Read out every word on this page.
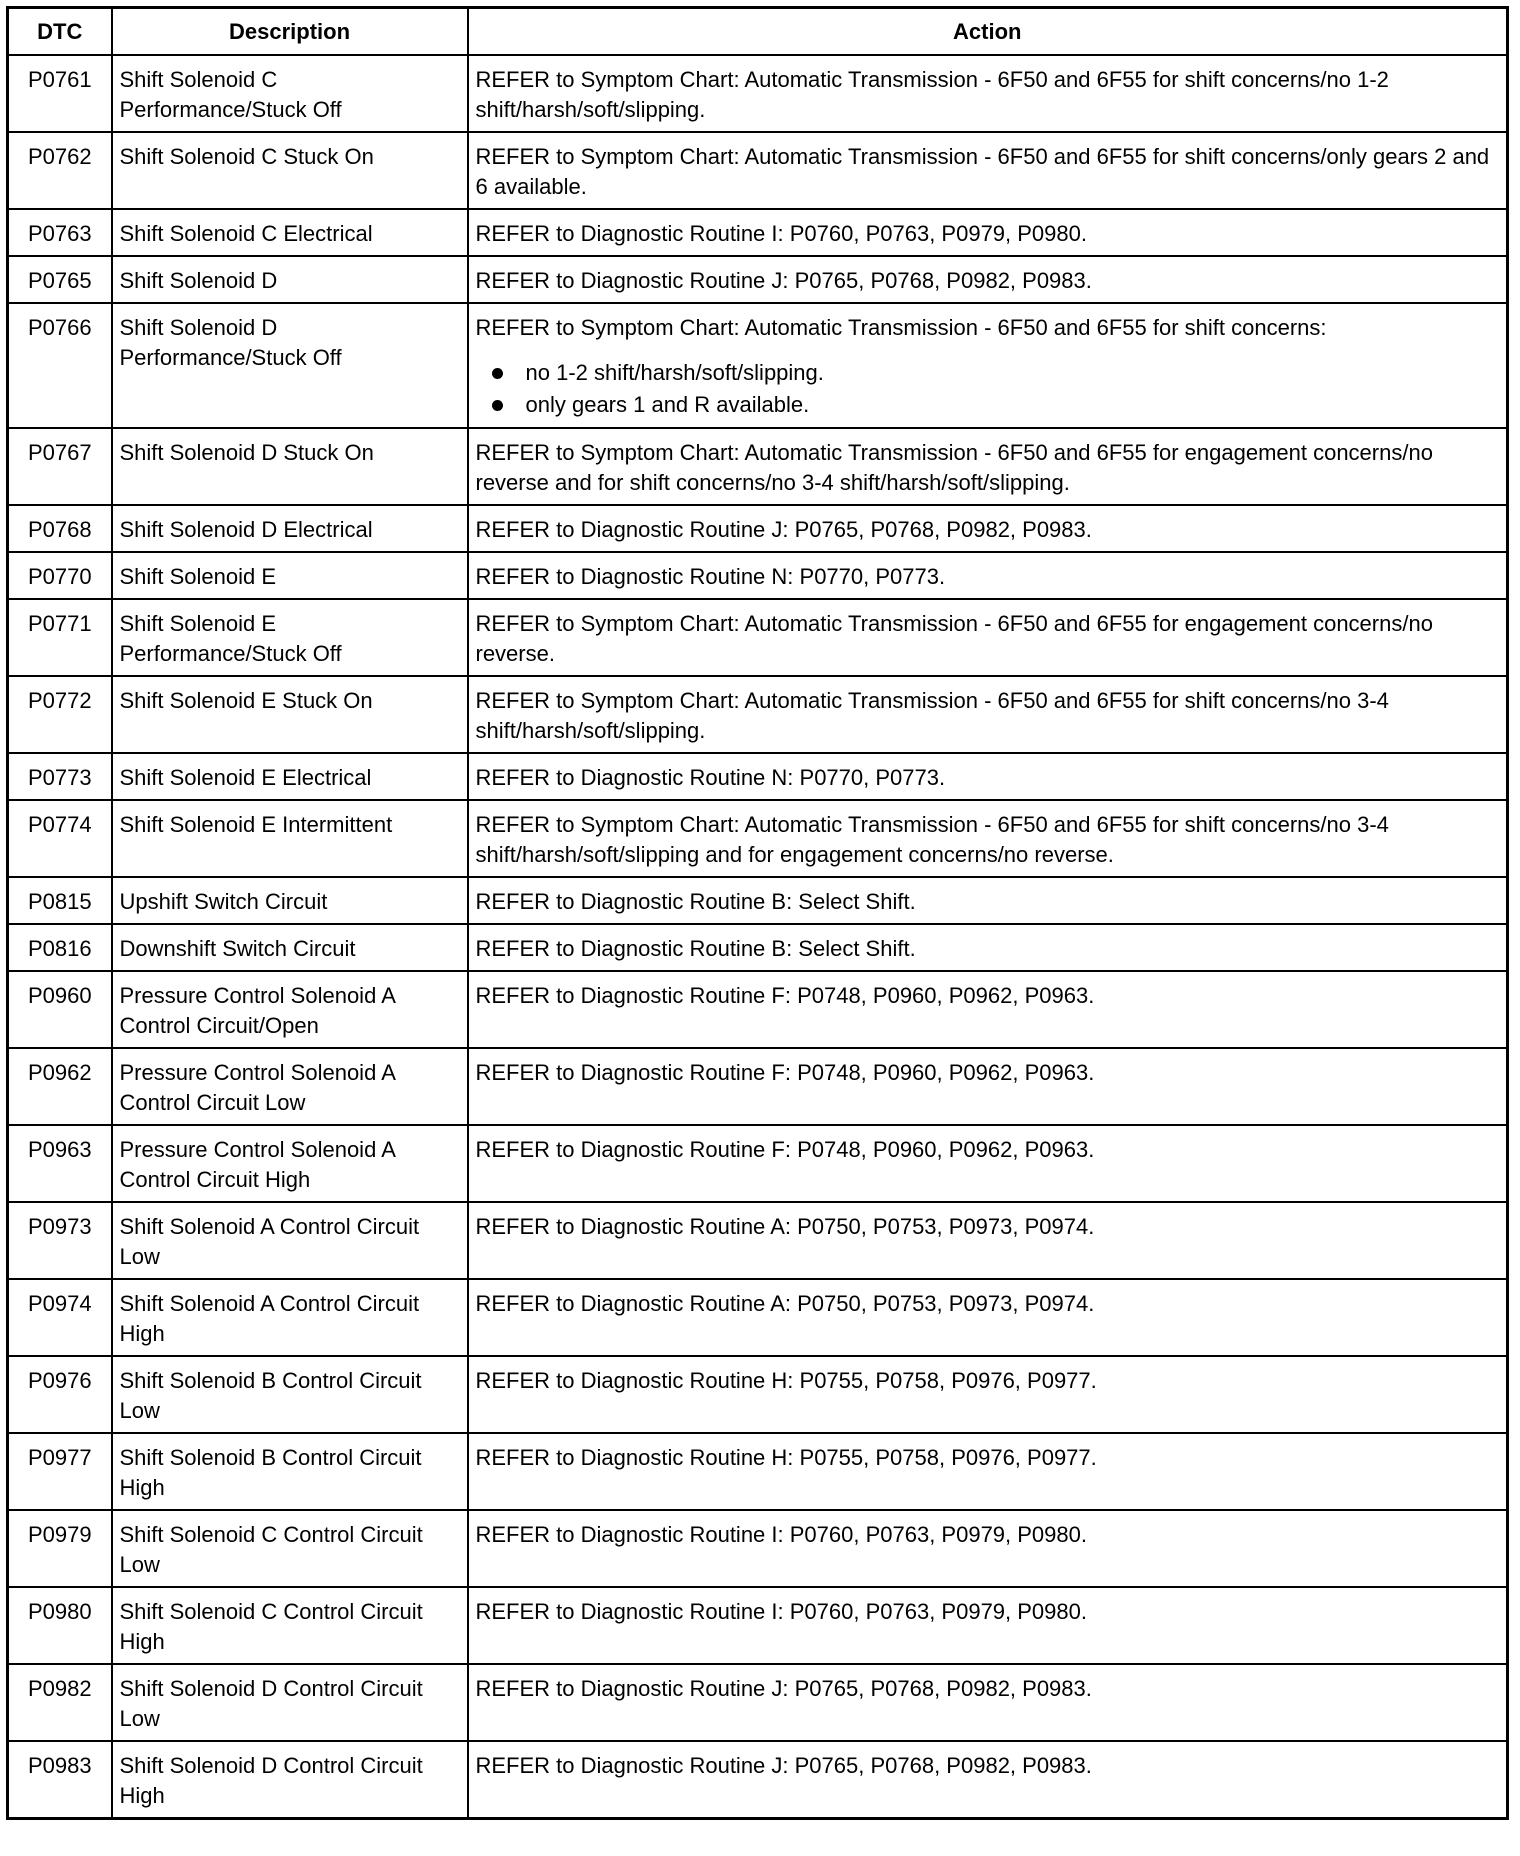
DTC	Description	Action
P0761	Shift Solenoid C Performance/Stuck Off	REFER to Symptom Chart: Automatic Transmission - 6F50 and 6F55 for shift concerns/no 1-2 shift/harsh/soft/slipping.
P0762	Shift Solenoid C Stuck On	REFER to Symptom Chart: Automatic Transmission - 6F50 and 6F55 for shift concerns/only gears 2 and 6 available.
P0763	Shift Solenoid C Electrical	REFER to Diagnostic Routine I: P0760, P0763, P0979, P0980.
P0765	Shift Solenoid D	REFER to Diagnostic Routine J: P0765, P0768, P0982, P0983.
P0766	Shift Solenoid D Performance/Stuck Off	REFER to Symptom Chart: Automatic Transmission - 6F50 and 6F55 for shift concerns:
no 1-2 shift/harsh/soft/slipping.
only gears 1 and R available.

P0767	Shift Solenoid D Stuck On	REFER to Symptom Chart: Automatic Transmission - 6F50 and 6F55 for engagement concerns/no reverse and for shift concerns/no 3-4 shift/harsh/soft/slipping.
P0768	Shift Solenoid D Electrical	REFER to Diagnostic Routine J: P0765, P0768, P0982, P0983.
P0770	Shift Solenoid E	REFER to Diagnostic Routine N: P0770, P0773.
P0771	Shift Solenoid E Performance/Stuck Off	REFER to Symptom Chart: Automatic Transmission - 6F50 and 6F55 for engagement concerns/no reverse.
P0772	Shift Solenoid E Stuck On	REFER to Symptom Chart: Automatic Transmission - 6F50 and 6F55 for shift concerns/no 3-4 shift/harsh/soft/slipping.
P0773	Shift Solenoid E Electrical	REFER to Diagnostic Routine N: P0770, P0773.
P0774	Shift Solenoid E Intermittent	REFER to Symptom Chart: Automatic Transmission - 6F50 and 6F55 for shift concerns/no 3-4 shift/harsh/soft/slipping and for engagement concerns/no reverse.
P0815	Upshift Switch Circuit	REFER to Diagnostic Routine B: Select Shift.
P0816	Downshift Switch Circuit	REFER to Diagnostic Routine B: Select Shift.
P0960	Pressure Control Solenoid A Control Circuit/Open	REFER to Diagnostic Routine F: P0748, P0960, P0962, P0963.
P0962	Pressure Control Solenoid A Control Circuit Low	REFER to Diagnostic Routine F: P0748, P0960, P0962, P0963.
P0963	Pressure Control Solenoid A Control Circuit High	REFER to Diagnostic Routine F: P0748, P0960, P0962, P0963.
P0973	Shift Solenoid A Control Circuit Low	REFER to Diagnostic Routine A: P0750, P0753, P0973, P0974.
P0974	Shift Solenoid A Control Circuit High	REFER to Diagnostic Routine A: P0750, P0753, P0973, P0974.
P0976	Shift Solenoid B Control Circuit Low	REFER to Diagnostic Routine H: P0755, P0758, P0976, P0977.
P0977	Shift Solenoid B Control Circuit High	REFER to Diagnostic Routine H: P0755, P0758, P0976, P0977.
P0979	Shift Solenoid C Control Circuit Low	REFER to Diagnostic Routine I: P0760, P0763, P0979, P0980.
P0980	Shift Solenoid C Control Circuit High	REFER to Diagnostic Routine I: P0760, P0763, P0979, P0980.
P0982	Shift Solenoid D Control Circuit Low	REFER to Diagnostic Routine J: P0765, P0768, P0982, P0983.
P0983	Shift Solenoid D Control Circuit High	REFER to Diagnostic Routine J: P0765, P0768, P0982, P0983.
